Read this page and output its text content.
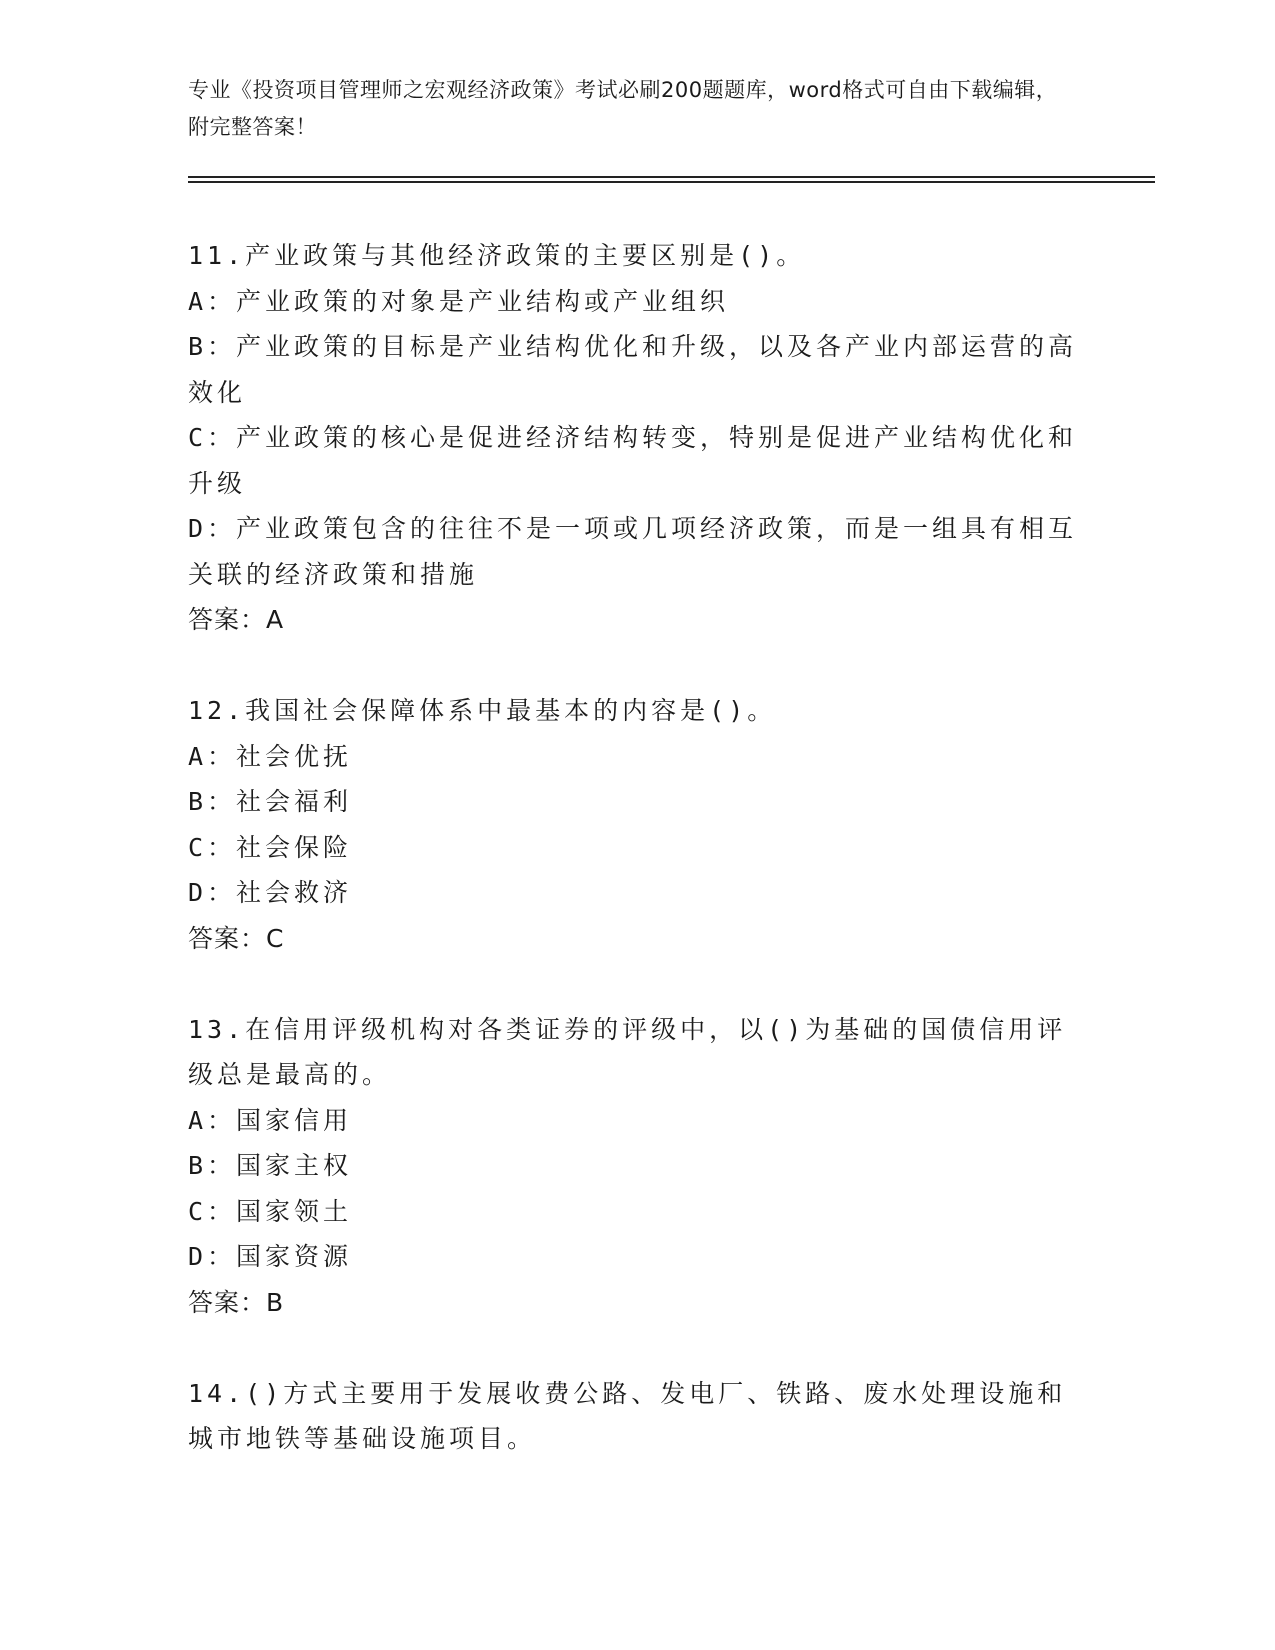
专业《投资项目管理师之宏观经济政策》考试必刷200题题库，word格式可自由下载编辑，附完整答案！

11.产业政策与其他经济政策的主要区别是()。

A：产业政策的对象是产业结构或产业组织

B：产业政策的目标是产业结构优化和升级，以及各产业内部运营的高效化

C：产业政策的核心是促进经济结构转变，特别是促进产业结构优化和升级

D：产业政策包含的往往不是一项或几项经济政策，而是一组具有相互关联的经济政策和措施

答案：A

12.我国社会保障体系中最基本的内容是()。

A：社会优抚

B：社会福利

C：社会保险

D：社会救济

答案：C

13.在信用评级机构对各类证券的评级中，以()为基础的国债信用评级总是最高的。

A：国家信用

B：国家主权

C：国家领土

D：国家资源

答案：B

14.()方式主要用于发展收费公路、发电厂、铁路、废水处理设施和城市地铁等基础设施项目。
